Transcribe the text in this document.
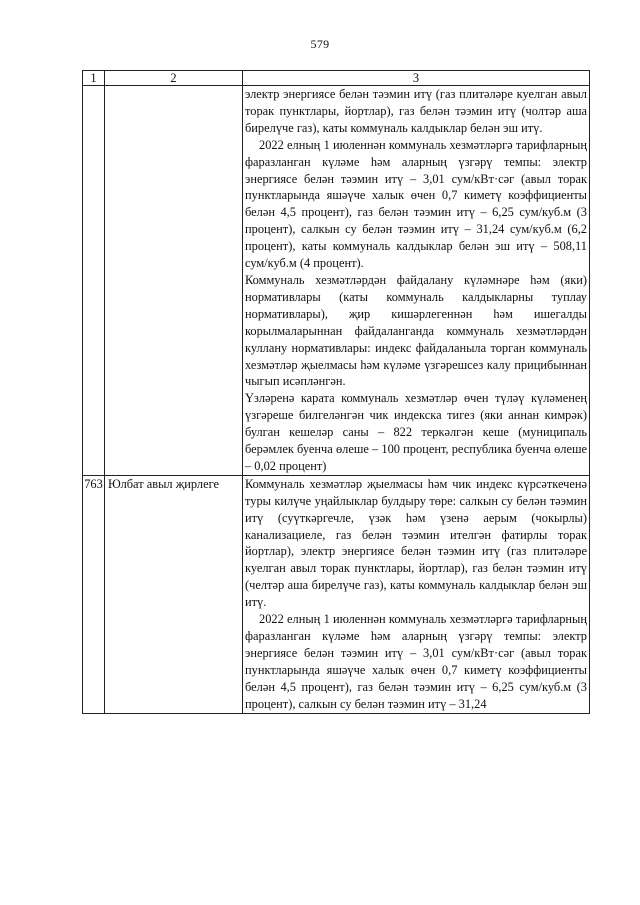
579
1	2	3

		электр энергиясе белән тәэмин итү (газ плитәләре куелган авыл торак пунктлары, йортлар), газ белән тәэмин итү (чолтәр аша бирелүче газ), каты коммуналь калдыклар белән эш итү.
2022 елның 1 июленнән коммуналь хезмәтләргә тарифларның фаразланган күләме һәм аларның үзгәрү темпы: электр энергиясе белән тәэмин итү – 3,01 сум/кВт·сәг (авыл торак пунктларында яшәүче халык өчен 0,7 киметү коэффициенты белән 4,5 процент), газ белән тәэмин итү – 6,25 сум/куб.м (3 процент), салкын су белән тәэмин итү – 31,24 сум/куб.м (6,2 процент), каты коммуналь калдыклар белән эш итү – 508,11 сум/куб.м (4 процент).
Коммуналь хезмәтләрдән файдалану күләмнәре һәм (яки) нормативлары (каты коммуналь калдыкларны туплау нормативлары), җир кишәрлегеннән һәм ишегалды корылмаларыннан файдаланганда коммуналь хезмәтләрдән куллану нормативлары: индекс файдаланыла торган коммуналь хезмәтләр җыелмасы һәм күләме үзгәрешсез калу прицибыннан чыгып исәпләнгән.
Үзләренә карата коммуналь хезмәтләр өчен түләү күләменең үзгәреше билгеләнгән чик индекска тигез (яки аннан кимрәк) булган кешеләр саны – 822 теркәлгән кеше (муниципаль берәмлек буенча өлеше – 100 процент, республика буенча өлеше – 0,02 процент)

763	Юлбат авыл җирлеге	Коммуналь хезмәтләр җыелмасы һәм чик индекс күрсәткеченә туры килүче уңайлыклар булдыру төре: салкын су белән тәэмин итү (суүткәргечле, үзәк һәм үзенә аерым (чокырлы) канализациеле, газ белән тәэмин ителгән фатирлы торак йортлар), электр энергиясе белән тәэмин итү (газ плитәләре куелган авыл торак пунктлары, йортлар), газ белән тәэмин итү (челтәр аша бирелүче газ), каты коммуналь калдыклар белән эш итү.
2022 елның 1 июленнән коммуналь хезмәтләргә тарифларның фаразланган күләме һәм аларның үзгәрү темпы: электр энергиясе белән тәэмин итү – 3,01 сум/кВт·сәг (авыл торак пунктларында яшәүче халык өчен 0,7 киметү коэффициенты белән 4,5 процент), газ белән тәэмин итү – 6,25 сум/куб.м (3 процент), салкын су белән тәэмин итү – 31,24
